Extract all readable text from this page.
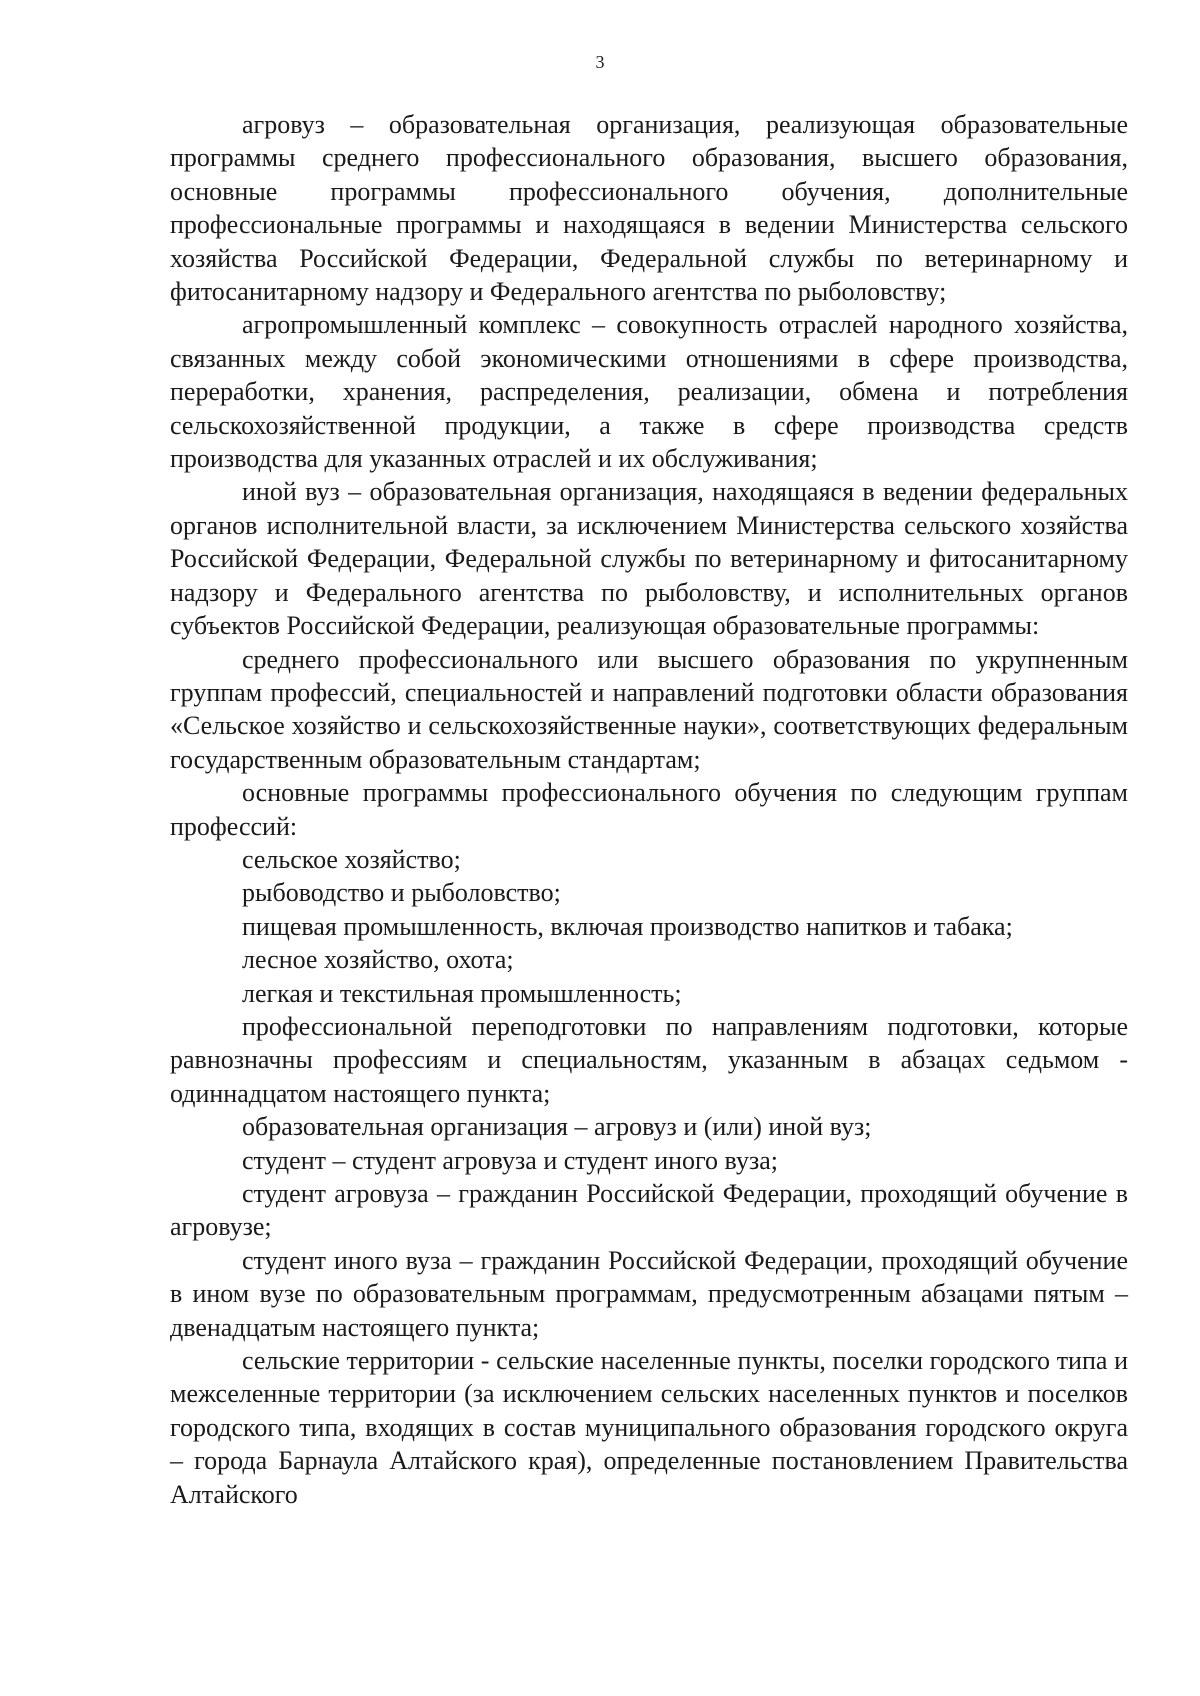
3

агровуз – образовательная организация, реализующая образовательные программы среднего профессионального образования, высшего образования, основные программы профессионального обучения, дополнительные профессиональные программы и находящаяся в ведении Министерства сельского хозяйства Российской Федерации, Федеральной службы по ветеринарному и фитосанитарному надзору и Федерального агентства по рыболовству;

агропромышленный комплекс – совокупность отраслей народного хозяйства, связанных между собой экономическими отношениями в сфере производства, переработки, хранения, распределения, реализации, обмена и потребления сельскохозяйственной продукции, а также в сфере производства средств производства для указанных отраслей и их обслуживания;

иной вуз – образовательная организация, находящаяся в ведении федеральных органов исполнительной власти, за исключением Министерства сельского хозяйства Российской Федерации, Федеральной службы по ветеринарному и фитосанитарному надзору и Федерального агентства по рыболовству, и исполнительных органов субъектов Российской Федерации, реализующая образовательные программы:

среднего профессионального или высшего образования по укрупненным группам профессий, специальностей и направлений подготовки области образования «Сельское хозяйство и сельскохозяйственные науки», соответствующих федеральным государственным образовательным стандартам;

основные программы профессионального обучения по следующим группам профессий:

сельское хозяйство;

рыбоводство и рыболовство;

пищевая промышленность, включая производство напитков и табака;

лесное хозяйство, охота;

легкая и текстильная промышленность;

профессиональной переподготовки по направлениям подготовки, которые равнозначны профессиям и специальностям, указанным в абзацах седьмом - одиннадцатом настоящего пункта;

образовательная организация – агровуз и (или) иной вуз;

студент – студент агровуза и студент иного вуза;

студент агровуза – гражданин Российской Федерации, проходящий обучение в агровузе;

студент иного вуза – гражданин Российской Федерации, проходящий обучение в ином вузе по образовательным программам, предусмотренным абзацами пятым – двенадцатым настоящего пункта;

сельские территории - сельские населенные пункты, поселки городского типа и межселенные территории (за исключением сельских населенных пунктов и поселков городского типа, входящих в состав муниципального образования городского округа – города Барнаула Алтайского края), определенные постановлением Правительства Алтайского
